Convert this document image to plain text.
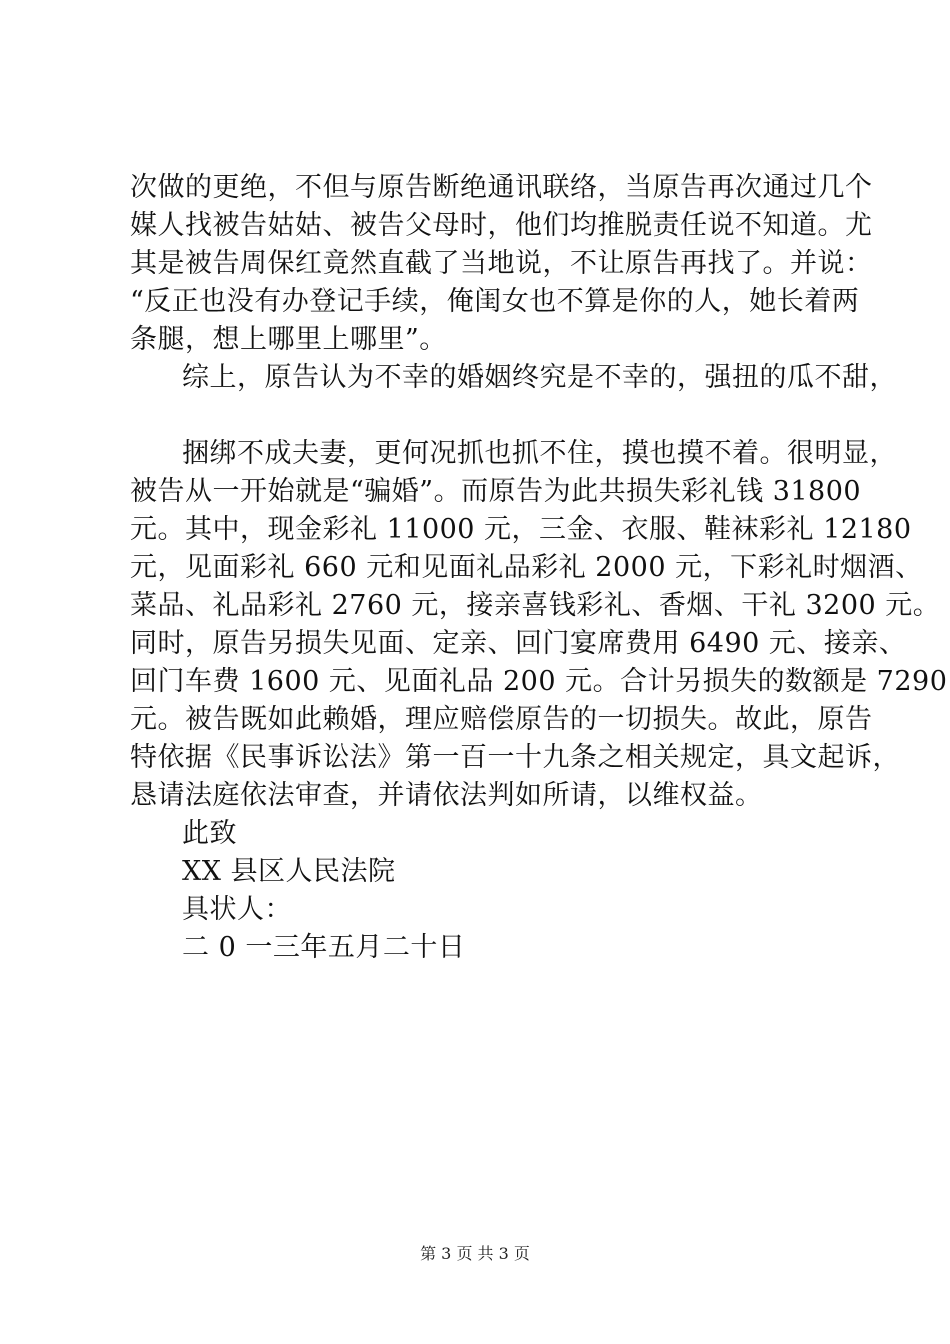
次做的更绝，不但与原告断绝通讯联络，当原告再次通过几个
媒人找被告姑姑、被告父母时，他们均推脱责任说不知道。尤
其是被告周保红竟然直截了当地说，不让原告再找了。并说：
“反正也没有办登记手续，俺闺女也不算是你的人，她长着两
条腿，想上哪里上哪里”。
综上，原告认为不幸的婚姻终究是不幸的，强扭的瓜不甜，
捆绑不成夫妻，更何况抓也抓不住，摸也摸不着。很明显，
被告从一开始就是“骗婚”。而原告为此共损失彩礼钱 31800
元。其中，现金彩礼 11000 元，三金、衣服、鞋袜彩礼 12180
元，见面彩礼 660 元和见面礼品彩礼 2000 元，下彩礼时烟酒、
菜品、礼品彩礼 2760 元，接亲喜钱彩礼、香烟、干礼 3200 元。
同时，原告另损失见面、定亲、回门宴席费用 6490 元、接亲、
回门车费 1600 元、见面礼品 200 元。合计另损失的数额是 7290
元。被告既如此赖婚，理应赔偿原告的一切损失。故此，原告
特依据《民事诉讼法》第一百一十九条之相关规定，具文起诉，
恳请法庭依法审查，并请依法判如所请，以维权益。
此致
XX 县区人民法院
具状人：
二 0 一三年五月二十日
第 3 页 共 3 页
